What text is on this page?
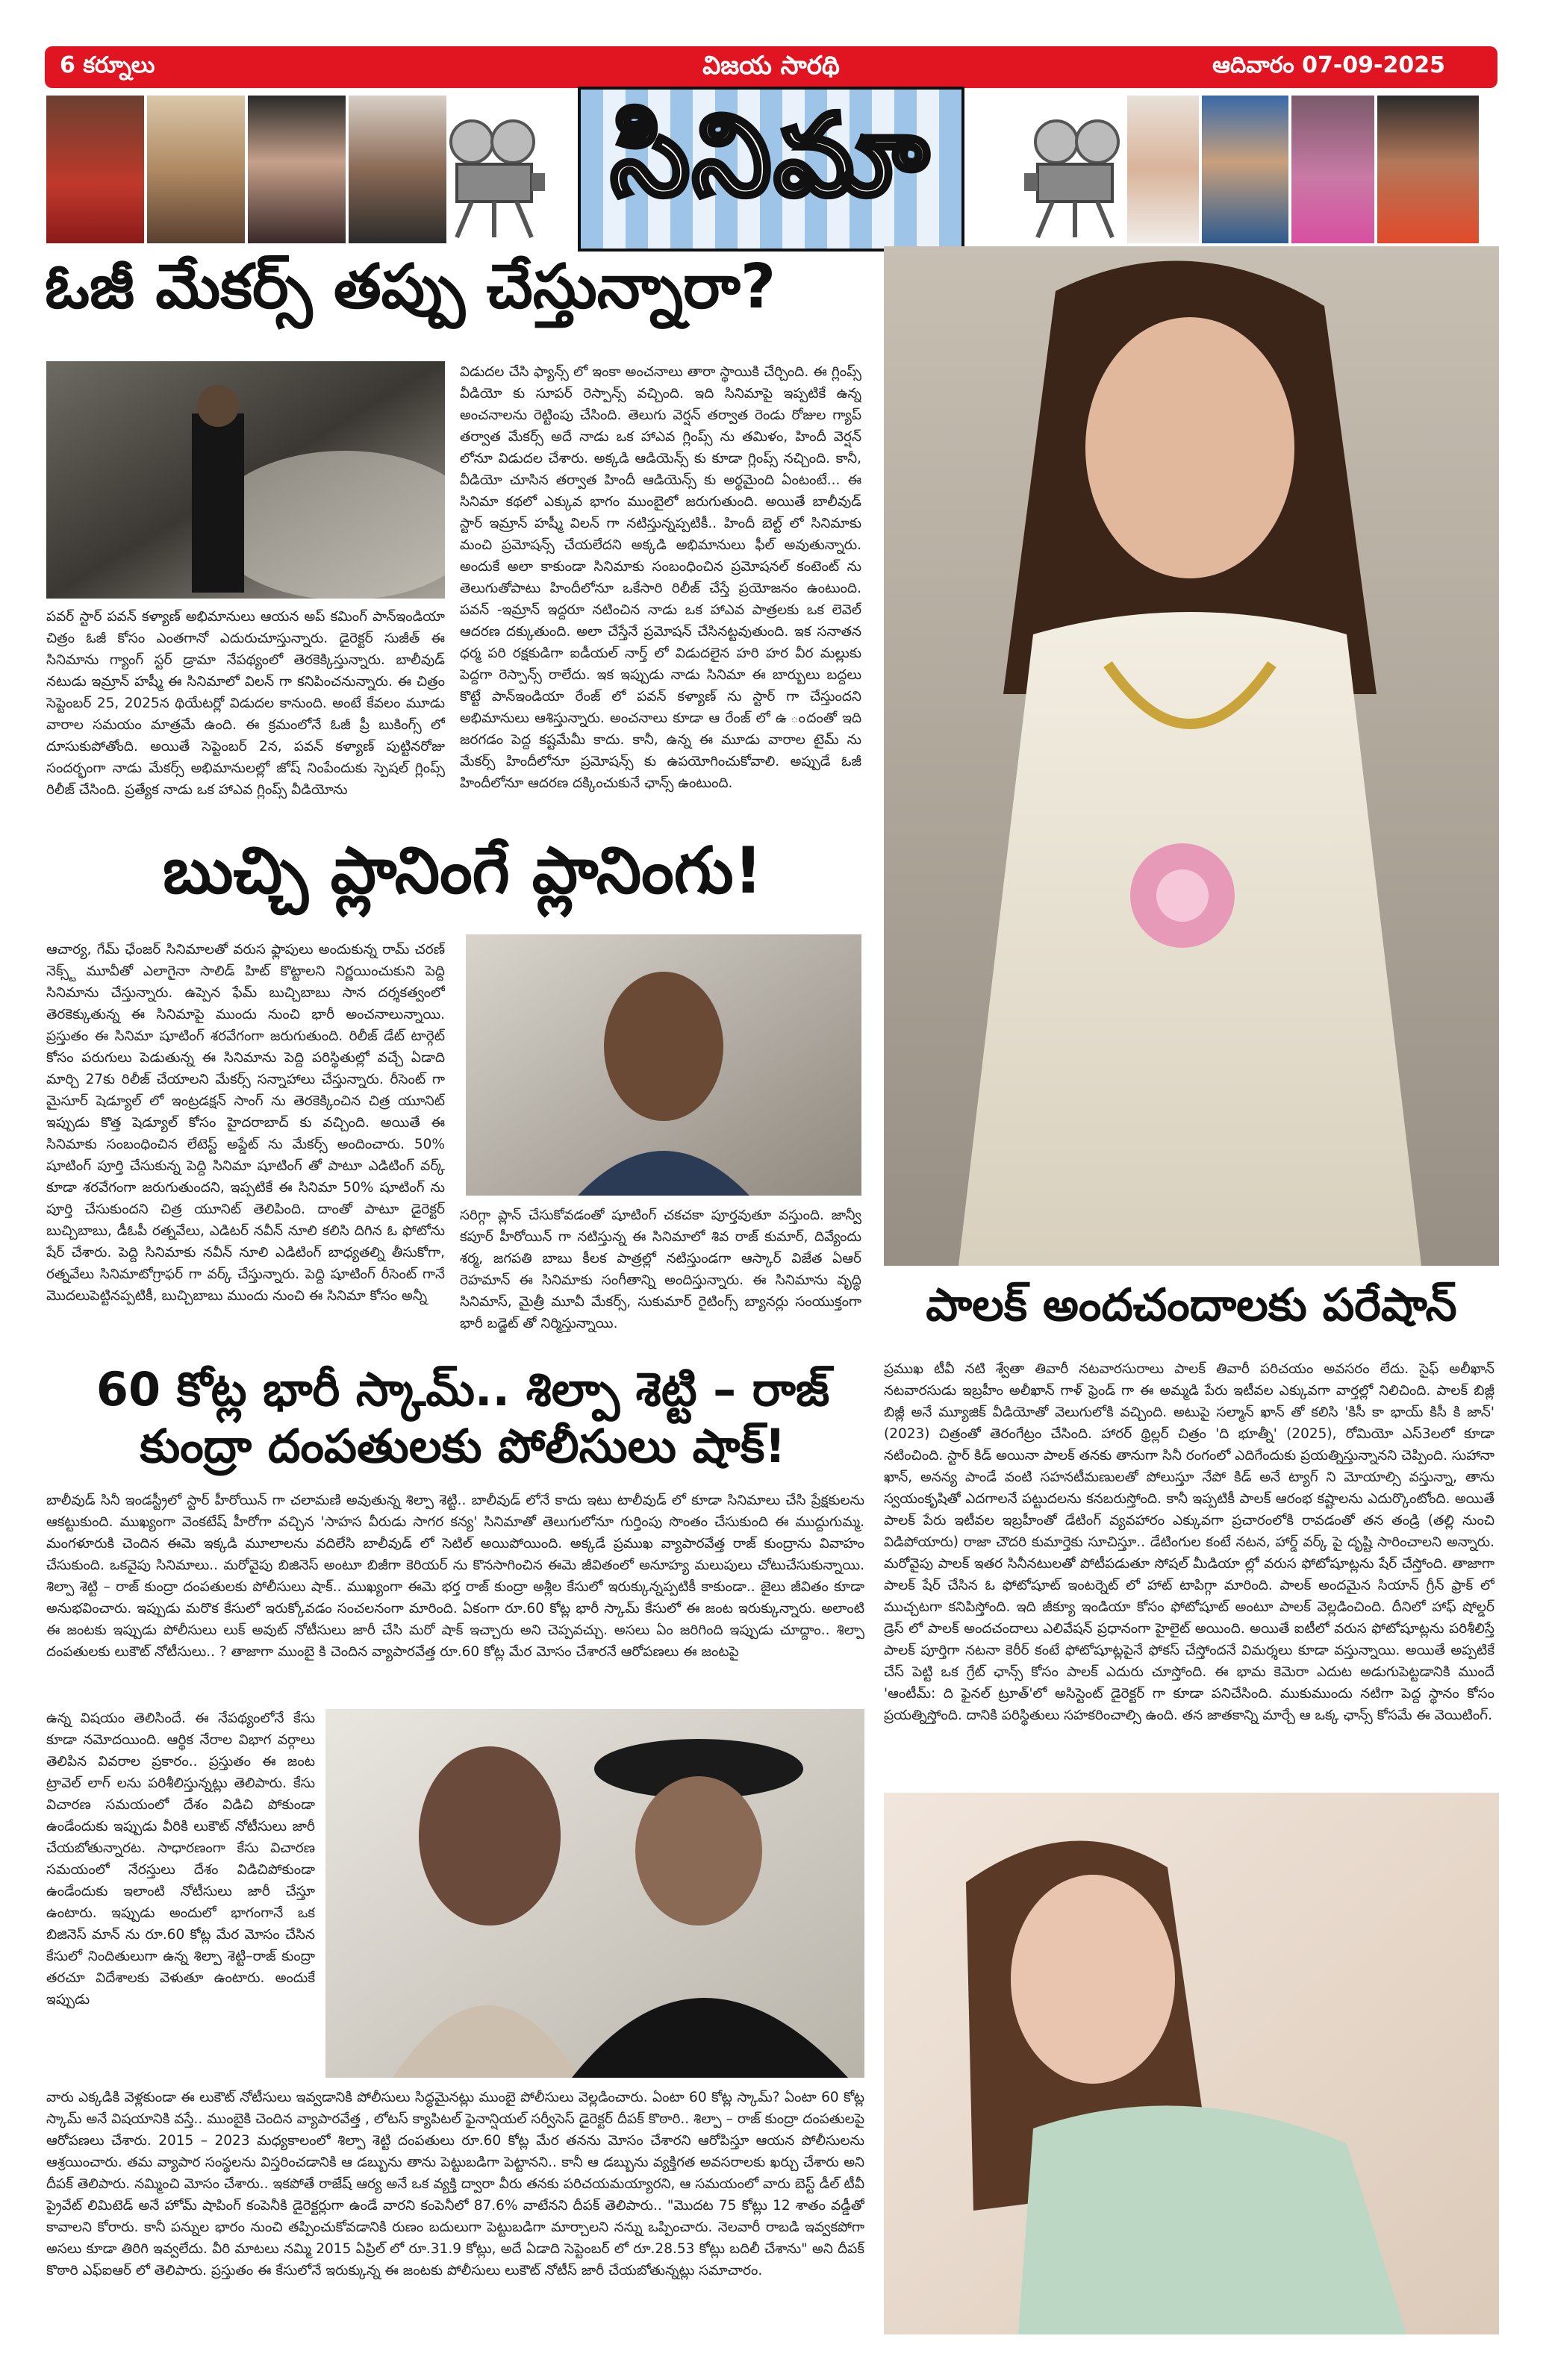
6 కర్నూలు	విజయ సారథి	ఆదివారం 07-09-2025
సినిమా
ఓజీ మేకర్స్ తప్పు చేస్తున్నారా?
పవర్ స్టార్ పవన్ కళ్యాణ్ అభిమానులు ఆయన అప్ కమింగ్ పాన్ఇండియా చిత్రం ఓజీ కోసం ఎంతగానో ఎదురుచూస్తున్నారు. డైరెక్టర్ సుజీత్ ఈ సినిమాను గ్యాంగ్ స్టర్ డ్రామా నేపథ్యంలో తెరకెక్కిస్తున్నారు. బాలీవుడ్ నటుడు ఇమ్రాన్ హష్మీ ఈ సినిమాలో విలన్ గా కనిపించనున్నారు. ఈ చిత్రం సెప్టెంబర్ 25, 2025న థియేటర్లో విడుదల కానుంది. అంటే కేవలం మూడు వారాల సమయం మాత్రమే ఉంది. ఈ క్రమంలోనే ఓజీ ప్రీ బుకింగ్స్ లో దూసుకుపోతోంది. అయితే సెప్టెంబర్ 2న, పవన్ కళ్యాణ్ పుట్టినరోజు సందర్భంగా నాడు మేకర్స్ అభిమానులల్లో జోష్ నింపేందుకు స్పెషల్ గ్లింప్స్ రిలీజ్ చేసింది. ప్రత్యేక నాడు ఒక హాఎవ గ్లింప్స్ వీడియోను
విడుదల చేసి ఫ్యాన్స్ లో ఇంకా అంచనాలు తారా స్థాయికి చేర్చింది. ఈ గ్లింప్స్ వీడియో కు సూపర్ రెస్పాన్స్ వచ్చింది. ఇది సినిమాపై ఇప్పటికే ఉన్న అంచనాలను రెట్టింపు చేసింది. తెలుగు వెర్షన్ తర్వాత రెండు రోజుల గ్యాప్ తర్వాత మేకర్స్ అదే నాడు ఒక హాఎవ గ్లింప్స్ ను తమిళం, హిందీ వెర్షన్ లోనూ విడుదల చేశారు. అక్కడి ఆడియెన్స్ కు కూడా గ్లింప్స్ నచ్చింది. కానీ, వీడియో చూసిన తర్వాత హిందీ ఆడియెన్స్ కు అర్థమైంది ఏంటంటే... ఈ సినిమా కథలో ఎక్కువ భాగం ముంబైలో జరుగుతుంది. అయితే బాలీవుడ్ స్టార్ ఇమ్రాన్ హష్మీ విలన్ గా నటిస్తున్నప్పటికీ.. హిందీ బెల్ట్ లో సినిమాకు మంచి ప్రమోషన్స్ చేయలేదని అక్కడి అభిమానులు ఫీల్ అవుతున్నారు. అందుకే అలా కాకుండా సినిమాకు సంబంధించిన ప్రమోషనల్ కంటెంట్ ను తెలుగుతోపాటు హిందీలోనూ ఒకేసారి రిలీజ్ చేస్తే ప్రయోజనం ఉంటుంది. పవన్ -ఇమ్రాన్ ఇద్దరూ నటించిన నాడు ఒక హాఎవ పాత్రలకు ఒక లెవెల్ ఆదరణ దక్కుతుంది. అలా చేస్తేనే ప్రమోషన్ చేసినట్టవుతుంది. ఇక సనాతన ధర్మ పరి రక్షకుడిగా ఐడీయల్ నార్త్ లో విడుదలైన హరి హర వీర మల్లుకు పెద్దగా రెస్పాన్స్ రాలేదు. ఇక ఇప్పుడు నాడు సినిమా ఈ బార్బులు బద్దలు కొట్టే పాన్ఇండియా రేంజ్ లో పవన్ కళ్యాణ్ ను స్టార్ గా చేస్తుందని అభిమానులు ఆశిస్తున్నారు. అంచనాలు కూడా ఆ రేంజ్ లో ఉ ందంతో ఇది జరగడం పెద్ద కష్టమేమీ కాదు. కానీ, ఉన్న ఈ మూడు వారాల టైమ్ ను మేకర్స్ హిందీలోనూ ప్రమోషన్స్ కు ఉపయోగించుకోవాలి. అప్పుడే ఓజీ హిందీలోనూ ఆదరణ దక్కించుకునే ఛాన్స్ ఉంటుంది.
బుచ్చి ప్లానింగే ప్లానింగు!
ఆచార్య, గేమ్ ఛేంజర్ సినిమాలతో వరుస ఫ్లాపులు అందుకున్న రామ్ చరణ్ నెక్స్ట్ మూవీతో ఎలాగైనా సాలిడ్ హిట్ కొట్టాలని నిర్ణయించుకుని పెద్ది సినిమాను చేస్తున్నారు. ఉప్పెన ఫేమ్ బుచ్చిబాబు సాన దర్శకత్వంలో తెరకెక్కుతున్న ఈ సినిమాపై ముందు నుంచి భారీ అంచనాలున్నాయి. ప్రస్తుతం ఈ సినిమా షూటింగ్ శరవేగంగా జరుగుతుంది. రిలీజ్ డేట్ టార్గెట్ కోసం పరుగులు పెడుతున్న ఈ సినిమాను పెద్ది పరిస్థితుల్లో వచ్చే ఏడాది మార్చి 27కు రిలీజ్ చేయాలని మేకర్స్ సన్నాహాలు చేస్తున్నారు. రీసెంట్ గా మైసూర్ షెడ్యూల్ లో ఇంట్రడక్షన్ సాంగ్ ను తెరకెక్కించిన చిత్ర యూనిట్ ఇప్పుడు కొత్త షెడ్యూల్ కోసం హైదరాబాద్ కు వచ్చింది. అయితే ఈ సినిమాకు సంబంధించిన లేటెస్ట్ అప్డేట్ ను మేకర్స్ అందించారు. 50% షూటింగ్ పూర్తి చేసుకున్న పెద్ది సినిమా షూటింగ్ తో పాటూ ఎడిటింగ్ వర్క్ కూడా శరవేగంగా జరుగుతుందని, ఇప్పటికే ఈ సినిమా 50% షూటింగ్ ను పూర్తి చేసుకుందని చిత్ర యూనిట్ తెలిపింది. దాంతో పాటూ డైరెక్టర్ బుచ్చిబాబు, డీఓపీ రత్నవేలు, ఎడిటర్ నవీన్ నూలి కలిసి దిగిన ఓ ఫోటోను షేర్ చేశారు. పెద్ది సినిమాకు నవీన్ నూలి ఎడిటింగ్ బాధ్యతల్ని తీసుకోగా, రత్నవేలు సినిమాటోగ్రాఫర్ గా వర్క్ చేస్తున్నారు. పెద్ది షూటింగ్ రీసెంట్ గానే మొదలుపెట్టినప్పటికీ, బుచ్చిబాబు ముందు నుంచి ఈ సినిమా కోసం అన్నీ
సరిగ్గా ప్లాన్ చేసుకోవడంతో షూటింగ్ చకచకా పూర్తవుతూ వస్తుంది. జాన్వీ కపూర్ హీరోయిన్ గా నటిస్తున్న ఈ సినిమాలో శివ రాజ్ కుమార్, దివ్యేందు శర్మ, జగపతి బాబు కీలక పాత్రల్లో నటిస్తుండగా ఆస్కార్ విజేత ఏఆర్ రెహమాన్ ఈ సినిమాకు సంగీతాన్ని అందిస్తున్నారు. ఈ సినిమాను వృద్ధి సినిమాస్, మైత్రీ మూవీ మేకర్స్, సుకుమార్ రైటింగ్స్ బ్యానర్లు సంయుక్తంగా భారీ బడ్జెట్ తో నిర్మిస్తున్నాయి.
60 కోట్ల భారీ స్కామ్.. శిల్పా శెట్టి – రాజ్
కుంద్రా దంపతులకు పోలీసులు షాక్!
బాలీవుడ్ సినీ ఇండస్ట్రీలో స్టార్ హీరోయిన్ గా చలామణి అవుతున్న శిల్పా శెట్టి.. బాలీవుడ్ లోనే కాదు ఇటు టాలీవుడ్ లో కూడా సినిమాలు చేసి ప్రేక్షకులను ఆకట్టుకుంది. ముఖ్యంగా వెంకటేష్ హీరోగా వచ్చిన 'సాహస వీరుడు సాగర కన్య' సినిమాతో తెలుగులోనూ గుర్తింపు సొంతం చేసుకుంది ఈ ముద్దుగుమ్మ. మంగళూరుకి చెందిన ఈమె ఇక్కడి మూలాలను వదిలేసి బాలీవుడ్ లో సెటిల్ అయిపోయింది. అక్కడే ప్రముఖ వ్యాపారవేత్త రాజ్ కుంద్రాను వివాహం చేసుకుంది. ఒకవైపు సినిమాలు.. మరోవైపు బిజినెస్ అంటూ బిజీగా కెరియర్ ను కొనసాగించిన ఈమె జీవితంలో అనూహ్య మలుపులు చోటుచేసుకున్నాయి. శిల్పా శెట్టి – రాజ్ కుంద్రా దంపతులకు పోలీసులు షాక్.. ముఖ్యంగా ఈమె భర్త రాజ్ కుంద్రా అశ్లీల కేసులో ఇరుక్కున్నప్పటికీ కాకుండా.. జైలు జీవితం కూడా అనుభవించారు. ఇప్పుడు మరొక కేసులో ఇరుక్కోవడం సంచలనంగా మారింది. ఏకంగా రూ.60 కోట్ల భారీ స్కామ్ కేసులో ఈ జంట ఇరుక్కున్నారు. అలాంటి ఈ జంటకు ఇప్పుడు పోలీసులు లుక్ అవుట్ నోటీసులు జారీ చేసి మరో షాక్ ఇచ్చారు అని చెప్పవచ్చు. అసలు ఏం జరిగింది ఇప్పుడు చూద్దాం.. శిల్పా దంపతులకు లుకౌట్ నోటీసులు.. ? తాజాగా ముంబై కి చెందిన వ్యాపారవేత్త రూ.60 కోట్ల మేర మోసం చేశారనే ఆరోపణలు ఈ జంటపై
ఉన్న విషయం తెలిసిందే. ఈ నేపథ్యంలోనే కేసు కూడా నమోదయింది. ఆర్థిక నేరాల విభాగ వర్గాలు తెలిపిన వివరాల ప్రకారం.. ప్రస్తుతం ఈ జంట ట్రావెల్ లాగ్ లను పరిశీలిస్తున్నట్లు తెలిపారు. కేసు విచారణ సమయంలో దేశం విడిచి పోకుండా ఉండేందుకు ఇప్పుడు వీరికి లుకౌట్ నోటీసులు జారీ చేయబోతున్నారట. సాధారణంగా కేసు విచారణ సమయంలో నేరస్తులు దేశం విడిచిపోకుండా ఉండేందుకు ఇలాంటి నోటీసులు జారీ చేస్తూ ఉంటారు. ఇప్పుడు అందులో భాగంగానే ఒక బిజినెస్ మాన్ ను రూ.60 కోట్ల మేర మోసం చేసిన కేసులో నిందితులుగా ఉన్న శిల్పా శెట్టి–రాజ్ కుంద్రా తరచూ విదేశాలకు వెళుతూ ఉంటారు. అందుకే ఇప్పుడు
వారు ఎక్కడికి వెళ్లకుండా ఈ లుకౌట్ నోటీసులు ఇవ్వడానికి పోలీసులు సిద్ధమైనట్లు ముంబై పోలీసులు వెల్లడించారు. ఏంటా 60 కోట్ల స్కామ్? ఏంటా 60 కోట్ల స్కామ్ అనే విషయానికి వస్తే.. ముంబైకి చెందిన వ్యాపారవేత్త , లోటస్ క్యాపిటల్ ఫైనాన్షియల్ సర్వీసెస్ డైరెక్టర్ దీపక్ కొఠారి.. శిల్పా – రాజ్ కుంద్రా దంపతులపై ఆరోపణలు చేశారు. 2015 – 2023 మధ్యకాలంలో శిల్పా శెట్టి దంపతులు రూ.60 కోట్ల మేర తనను మోసం చేశారని ఆరోపిస్తూ ఆయన పోలీసులను ఆశ్రయించారు. తమ వ్యాపార సంస్థలను విస్తరించడానికి ఆ డబ్బును తాను పెట్టుబడిగా పెట్టానని.. కానీ ఆ డబ్బును వ్యక్తిగత అవసరాలకు ఖర్చు చేశారు అని దీపక్ తెలిపారు. నమ్మించి మోసం చేశారు.. ఇకపోతే రాజేష్ ఆర్య అనే ఒక వ్యక్తి ద్వారా వీరు తనకు పరిచయమయ్యారని, ఆ సమయంలో వారు బెస్ట్ డీల్ టీవీ ప్రైవేట్ లిమిటెడ్ అనే హోమ్ షాపింగ్ కంపెనీకి డైరెక్టర్లుగా ఉండే వారని కంపెనీలో 87.6% వాటేనని దీపక్ తెలిపారు.. "మొదట 75 కోట్లు 12 శాతం వడ్డీతో కావాలని కోరారు. కానీ పన్నుల భారం నుంచి తప్పించుకోవడానికి రుణం బదులుగా పెట్టుబడిగా మార్చాలని నన్ను ఒప్పించారు. నెలవారీ రాబడి ఇవ్వకపోగా అసలు కూడా తిరిగి ఇవ్వలేదు. వీరి మాటలు నమ్మి 2015 ఏప్రిల్ లో రూ.31.9 కోట్లు, అదే ఏడాది సెప్టెంబర్ లో రూ.28.53 కోట్లు బదిలీ చేశాను" అని దీపక్ కొఠారి ఎఫ్ఐఆర్ లో తెలిపారు. ప్రస్తుతం ఈ కేసులోనే ఇరుక్కున్న ఈ జంటకు పోలీసులు లుకౌట్ నోటీస్ జారీ చేయబోతున్నట్లు సమాచారం.
పాలక్ అందచందాలకు పరేషాన్
ప్రముఖ టీవీ నటి శ్వేతా తివారీ నటవారసురాలు పాలక్ తివారీ పరిచయం అవసరం లేదు. సైఫ్ అలీఖాన్ నటవారసుడు ఇబ్రహీం అలీఖాన్ గాళ్ ఫ్రెండ్ గా ఈ అమ్మడి పేరు ఇటీవల ఎక్కువగా వార్తల్లో నిలిచింది. పాలక్ బిజ్లీ బిజ్లీ అనే మ్యూజిక్ వీడియోతో వెలుగులోకి వచ్చింది. అటుపై సల్మాన్ ఖాన్ తో కలిసి 'కిసీ కా భాయ్ కిసీ కి జాన్' (2023) చిత్రంతో తెరంగేట్రం చేసింది. హారర్ థ్రిల్లర్ చిత్రం 'ది భూత్నీ' (2025), రోమియో ఎస్3లలో కూడా నటించింది. స్టార్ కిడ్ అయినా పాలక్ తనకు తానుగా సినీ రంగంలో ఎదిగేందుకు ప్రయత్నిస్తున్నానని చెప్పింది. సుహానా ఖాన్, అనన్య పాండే వంటి సహనటీమణులతో పోలుస్తూ నేపో కిడ్ అనే ట్యాగ్ ని మోయాల్సి వస్తున్నా, తాను స్వయంకృషితో ఎదగాలనే పట్టుదలను కనబరుస్తోంది. కానీ ఇప్పటికీ పాలక్ ఆరంభ కష్టాలను ఎదుర్కొంటోంది. అయితే పాలక్ పేరు ఇటీవల ఇబ్రహీంతో డేటింగ్ వ్యవహారం ఎక్కువగా ప్రచారంలోకి రావడంతో తన తండ్రి (తల్లి నుంచి విడిపోయారు) రాజా చౌదరి కుమార్తెకు సూచిస్తూ.. డేటింగుల కంటే నటన, హార్డ్ వర్క్ పై దృష్టి సారించాలని అన్నారు. మరోవైపు పాలక్ ఇతర సినీనటులతో పోటీపడుతూ సోషల్ మీడియా ల్లో వరుస ఫోటోషూట్లను షేర్ చేస్తోంది. తాజాగా పాలక్ షేర్ చేసిన ఓ ఫోటోషూట్ ఇంటర్నెట్ లో హాట్ టాపిగ్గా మారింది. పాలక్ అందమైన సియాన్ గ్రీన్ ఫ్రాక్ లో ముచ్చటగా కనిపిస్తోంది. ఇది జీక్యూ ఇండియా కోసం ఫోటోషూట్ అంటూ పాలక్ వెల్లడించింది. దీనిలో హాఫ్ షోల్డర్ డ్రెస్ లో పాలక్ అందచందాలు ఎలివేషన్ ప్రధానంగా హైలైట్ అయింది. అయితే ఐటీలో వరుస ఫోటోషూట్లను పరిశీలిస్తే పాలక్ పూర్తిగా నటనా కెరీర్ కంటే ఫోటోషూట్లపైనే ఫోకస్ చేస్తోందనే విమర్శలు కూడా వస్తున్నాయి. అయితే అప్పటికే చేస్ పెట్టి ఒక గ్రేట్ ఛాన్స్ కోసం పాలక్ ఎదురు చూస్తోంది. ఈ భామ కెమెరా ఎదుట అడుగుపెట్టడానికి ముందే 'ఆంటీమ్: ది ఫైనల్ ట్రూత్'లో అసిస్టెంట్ డైరెక్టర్ గా కూడా పనిచేసింది. ముకుముందు నటిగా పెద్ద స్థానం కోసం ప్రయత్నిస్తోంది. దానికి పరిస్థితులు సహకరించాల్సి ఉంది. తన జాతకాన్ని మార్చే ఆ ఒక్క ఛాన్స్ కోసమే ఈ వెయిటింగ్.
